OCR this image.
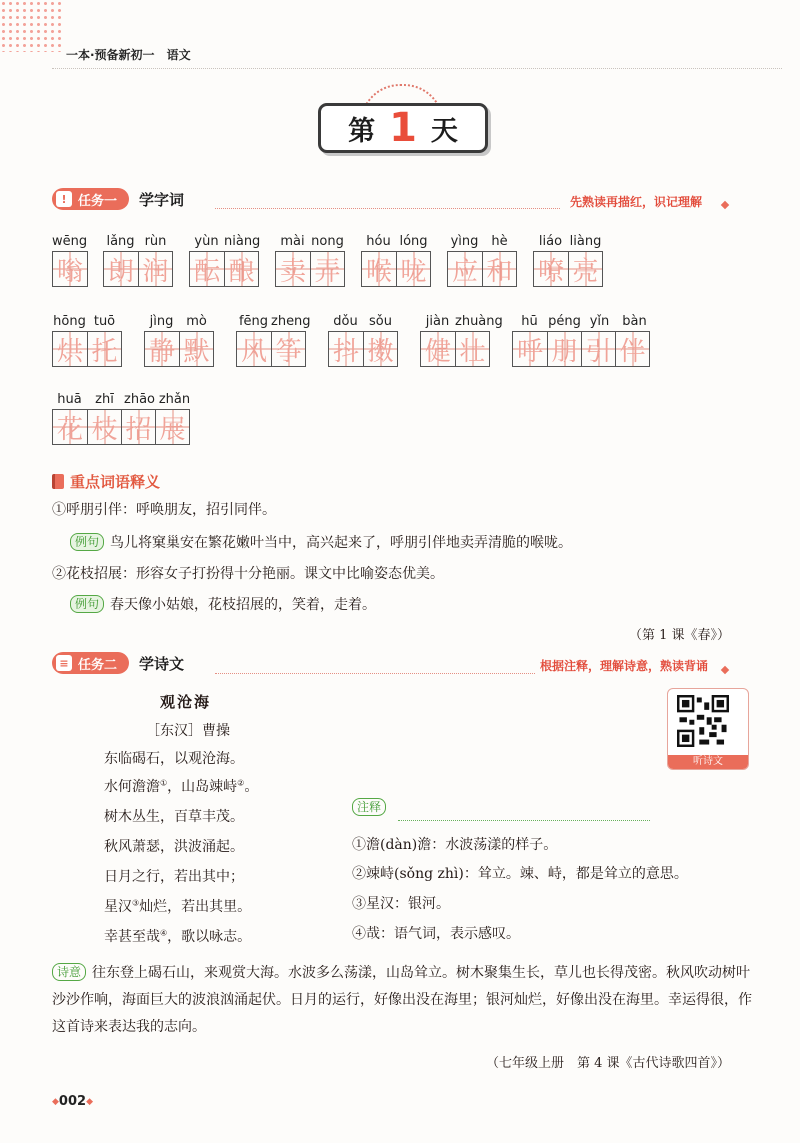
一本·预备新初一 语文
第 1 天
! 任务一 学字词	先熟读再描红，识记理解
wēng
嗡
lǎng rùn
朗 润
yùn niàng
酝 酿
mài nong
卖 弄
hóu lóng
喉 咙
yìng hè
应 和
liáo liàng
嘹 亮
hōng tuō
烘 托
jìng mò
静 默
fēng zheng
风 筝
dǒu sǒu
抖 擞
jiàn zhuàng
健 壮
hū péng yǐn bàn
呼 朋 引 伴
huā zhī zhāo zhǎn
花 枝 招 展
重点词语释义
①呼朋引伴：呼唤朋友，招引同伴。
例句 鸟儿将窠巢安在繁花嫩叶当中，高兴起来了，呼朋引伴地卖弄清脆的喉咙。
②花枝招展：形容女子打扮得十分艳丽。课文中比喻姿态优美。
例句 春天像小姑娘，花枝招展的，笑着，走着。
（第 1 课《春》）
≡ 任务二 学诗文	根据注释，理解诗意，熟读背诵
观沧海
［东汉］曹操
东临碣石，以观沧海。
水何澹澹①，山岛竦峙②。
树木丛生，百草丰茂。
秋风萧瑟，洪波涌起。
日月之行，若出其中；
星汉③灿烂，若出其里。
幸甚至哉④，歌以咏志。
听诗文
注释
①澹(dàn)澹：水波荡漾的样子。
②竦峙(sǒng zhì)：耸立。竦、峙，都是耸立的意思。
③星汉：银河。
④哉：语气词，表示感叹。
诗意 往东登上碣石山，来观赏大海。水波多么荡漾，山岛耸立。树木聚集生长，草儿也长得茂密。秋风吹动树叶沙沙作响，海面巨大的波浪汹涌起伏。日月的运行，好像出没在海里；银河灿烂，好像出没在海里。幸运得很，作这首诗来表达我的志向。
（七年级上册　第 4 课《古代诗歌四首》）
◆002◆
